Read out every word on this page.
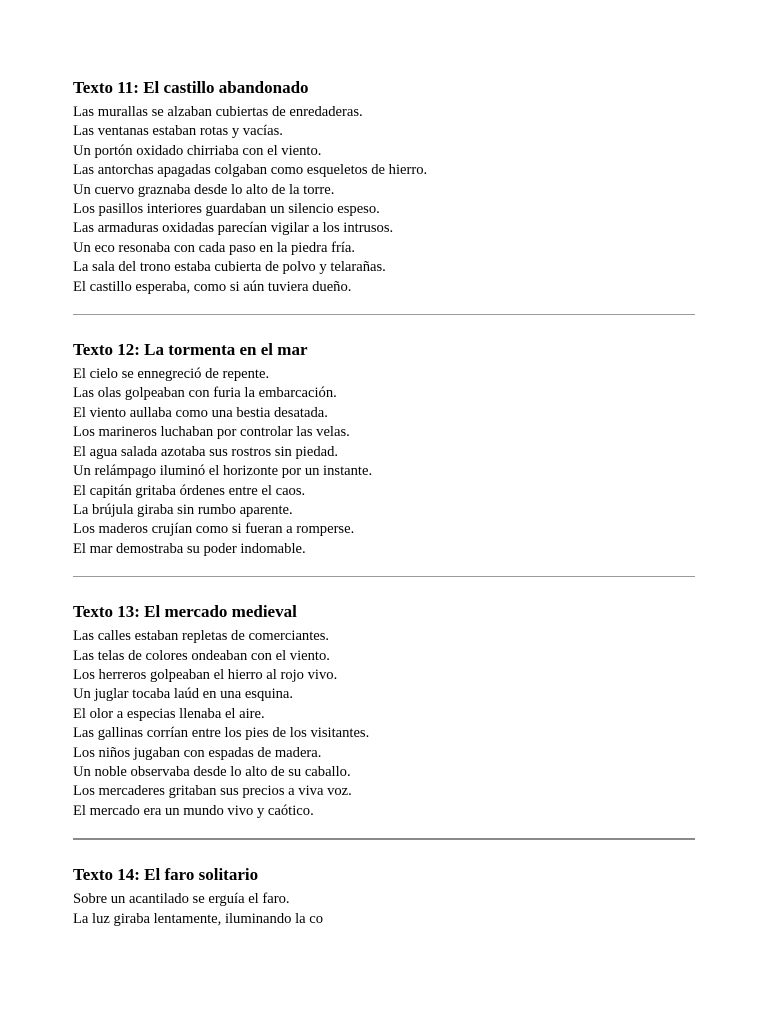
Texto 11: El castillo abandonado
Las murallas se alzaban cubiertas de enredaderas.
Las ventanas estaban rotas y vacías.
Un portón oxidado chirriaba con el viento.
Las antorchas apagadas colgaban como esqueletos de hierro.
Un cuervo graznaba desde lo alto de la torre.
Los pasillos interiores guardaban un silencio espeso.
Las armaduras oxidadas parecían vigilar a los intrusos.
Un eco resonaba con cada paso en la piedra fría.
La sala del trono estaba cubierta de polvo y telarañas.
El castillo esperaba, como si aún tuviera dueño.
Texto 12: La tormenta en el mar
El cielo se ennegreció de repente.
Las olas golpeaban con furia la embarcación.
El viento aullaba como una bestia desatada.
Los marineros luchaban por controlar las velas.
El agua salada azotaba sus rostros sin piedad.
Un relámpago iluminó el horizonte por un instante.
El capitán gritaba órdenes entre el caos.
La brújula giraba sin rumbo aparente.
Los maderos crujían como si fueran a romperse.
El mar demostraba su poder indomable.
Texto 13: El mercado medieval
Las calles estaban repletas de comerciantes.
Las telas de colores ondeaban con el viento.
Los herreros golpeaban el hierro al rojo vivo.
Un juglar tocaba laúd en una esquina.
El olor a especias llenaba el aire.
Las gallinas corrían entre los pies de los visitantes.
Los niños jugaban con espadas de madera.
Un noble observaba desde lo alto de su caballo.
Los mercaderes gritaban sus precios a viva voz.
El mercado era un mundo vivo y caótico.
Texto 14: El faro solitario
Sobre un acantilado se erguía el faro.
La luz giraba lentamente, iluminando la co
